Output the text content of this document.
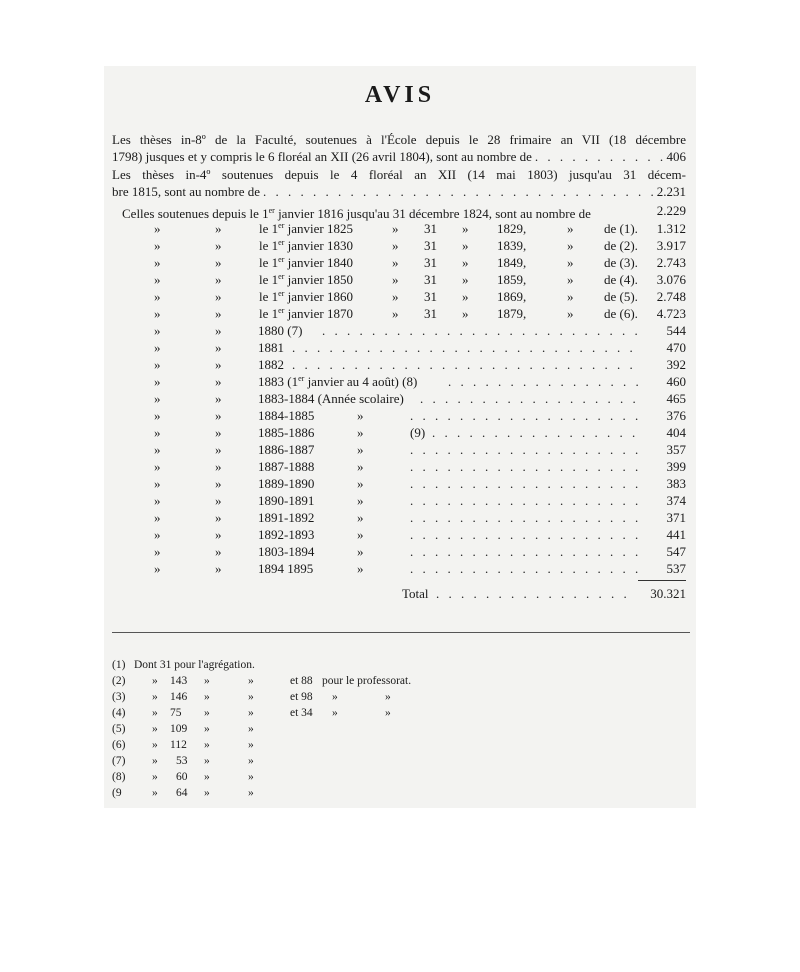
AVIS
Les thèses in-8º de la Faculté, soutenues à l'École depuis le 28 frimaire an VII (18 décembre
1798) jusques et y compris le 6 floréal an XII (26 avril 1804), sont au nombre de . . .	406
Les thèses in-4º soutenues depuis le 4 floréal an XII (14 mai 1803) jusqu'au 31 décem-
bre 1815, sont au nombre de . . .	2.231
Celles soutenues depuis le 1er janvier 1816 jusqu'au 31 décembre 1824, sont au nombre de	2.229
»	»	le 1er janvier 1825	» 31 » 1829,	» de (1). 1.312
»	»	le 1er janvier 1830	» 31 » 1839,	» de (2). 3.917
»	»	le 1er janvier 1840	» 31 » 1849,	» de (3). 2.743
»	»	le 1er janvier 1850	» 31 » 1859,	» de (4). 3.076
»	»	le 1er janvier 1860	» 31 » 1869,	» de (5). 2.748
»	»	le 1er janvier 1870	» 31 » 1879,	» de (6). 4.723
»	»	1880 (7) . . .	544
»	»	1881 . . .	470
»	»	1882 . . .	392
»	»	1883 (1er janvier au 4 août) (8) . . .	460
»	»	1883-1884 (Année scolaire) . . .	465
»	»	1884-1885	» . . .	376
»	»	1885-1886	»	(9) . . .	404
»	»	1886-1887	» . . .	357
»	»	1887-1888	» . . .	399
»	»	1889-1890	» . . .	383
»	»	1890-1891	» . . .	374
»	»	1891-1892	» . . .	371
»	»	1892-1893	» . . .	441
»	»	1803-1894	» . . .	547
»	»	1894 1895	» . . .	537
Total . . .	30.321
(1) Dont 31 pour l'agrégation.
(2) » 143 »	»	et 88 pour le professorat.
(3) » 146 »	»	et 98 »	»
(4) » 75 »	»	et 34 »	»
(5) » 109 »	»
(6) » 112 »	»
(7) » 53 »	»
(8) » 60 »	»
(9	» 64 »	»
